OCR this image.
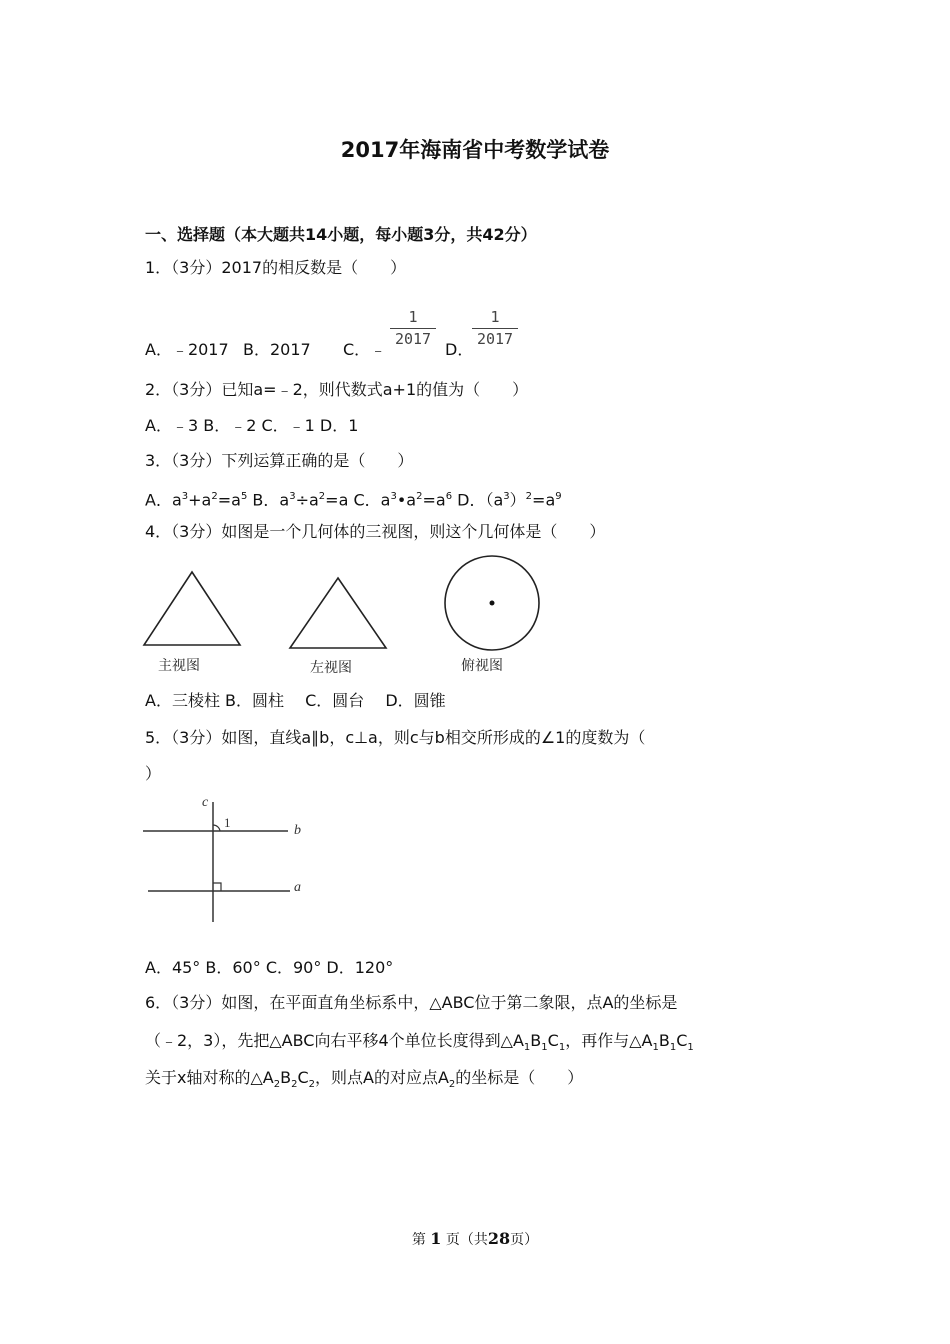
2017年海南省中考数学试卷
一、选择题（本大题共14小题，每小题3分，共42分）
1．（3分）2017的相反数是（　　）
A．﹣2017 B．2017 C．﹣
$\frac{1}{2017}$
D．
$\frac{1}{2017}$
2．（3分）已知a=﹣2，则代数式a+1的值为（　　）
A．﹣3 B．﹣2 C．﹣1 D．1
3．（3分）下列运算正确的是（　　）
A．$a^3+a^2=a^5$ B．$a^3\div a^2=a$ C．$a^3•a^2=a^6$ D．$(a^3)^2=a^9$
4．（3分）如图是一个几何体的三视图，则这个几何体是（　　）
主视图	左视图	俯视图
A．三棱柱 B．圆柱　 C．圆台　 D．圆锥
5．（3分）如图，直线a∥b，c⊥a，则c与b相交所形成的∠1的度数为（
）
c
1
b
a
A．45° B．60° C．90° D．120°
6．（3分）如图，在平面直角坐标系中，△ABC位于第二象限，点A的坐标是
（﹣2，3），先把△ABC向右平移4个单位长度得到$\triangle A_1B_1C_1$，再作与$\triangle A_1B_1C_1$
关于x轴对称的$\triangle A_2B_2C_2$，则点A的对应点$A_2$的坐标是（　　）
第 1 页（共28页）
